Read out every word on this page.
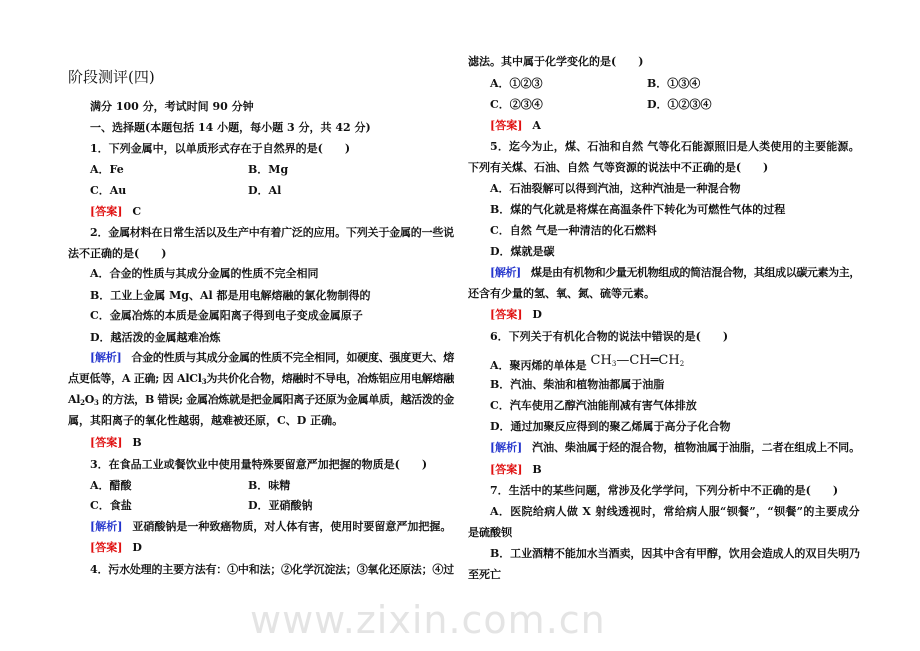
www.zixin.com.cn
阶段测评(四)
满分 100 分，考试时间 90 分钟
一、选择题(本题包括 14 小题，每小题 3 分，共 42 分)
1．下列金属中，以单质形式存在于自然界的是(　　)
A．Fe	B．Mg
C．Au	D．Al
[答案] C
2．金属材料在日常生活以及生产中有着广泛的应用。下列关于金属的一些说
法不正确的是(　　)
A．合金的性质与其成分金属的性质不完全相同
B．工业上金属 Mg、Al 都是用电解熔融的氯化物制得的
C．金属冶炼的本质是金属阳离子得到电子变成金属原子
D．越活泼的金属越难冶炼
[解析] 合金的性质与其成分金属的性质不完全相同，如硬度、强度更大、熔
点更低等，A 正确; 因 AlCl$_3$为共价化合物，熔融时不导电，冶炼铝应用电解熔融
$Al_2O_3$ 的方法，B 错误; 金属冶炼就是把金属阳离子还原为金属单质，越活泼的金
属，其阳离子的氧化性越弱，越难被还原，C、D 正确。
[答案] B
3．在食品工业或餐饮业中使用量特殊要留意严加把握的物质是(　　)
A．醋酸	B．味精
C．食盐	D．亚硝酸钠
[解析] 亚硝酸钠是一种致癌物质，对人体有害，使用时要留意严加把握。
[答案] D
4．污水处理的主要方法有：①中和法；②化学沉淀法；③氧化还原法；④过
滤法。其中属于化学变化的是(　　)
A．①②③	B．①③④
C．②③④	D．①②③④
[答案] A
5．迄今为止，煤、石油和自然 气等化石能源照旧是人类使用的主要能源。
下列有关煤、石油、自然 气等资源的说法中不正确的是(　　)
A．石油裂解可以得到汽油，这种汽油是一种混合物
B．煤的气化就是将煤在高温条件下转化为可燃性气体的过程
C．自然 气是一种清洁的化石燃料
D．煤就是碳
[解析] 煤是由有机物和少量无机物组成的简洁混合物，其组成以碳元素为主，
还含有少量的氢、氧、氮、硫等元素。
[答案] D
6．下列关于有机化合物的说法中错误的是(　　)
A．聚丙烯的单体是 $CH_3—CH═CH_2$
B．汽油、柴油和植物油都属于油脂
C．汽车使用乙醇汽油能削减有害气体排放
D．通过加聚反应得到的聚乙烯属于高分子化合物
[解析] 汽油、柴油属于烃的混合物，植物油属于油脂，二者在组成上不同。
[答案] B
7．生活中的某些问题，常涉及化学学问，下列分析中不正确的是(　　)
A．医院给病人做 X 射线透视时，常给病人服“钡餐”，“钡餐”的主要成分
是硫酸钡
B．工业酒精不能加水当酒卖，因其中含有甲醇，饮用会造成人的双目失明乃
至死亡
